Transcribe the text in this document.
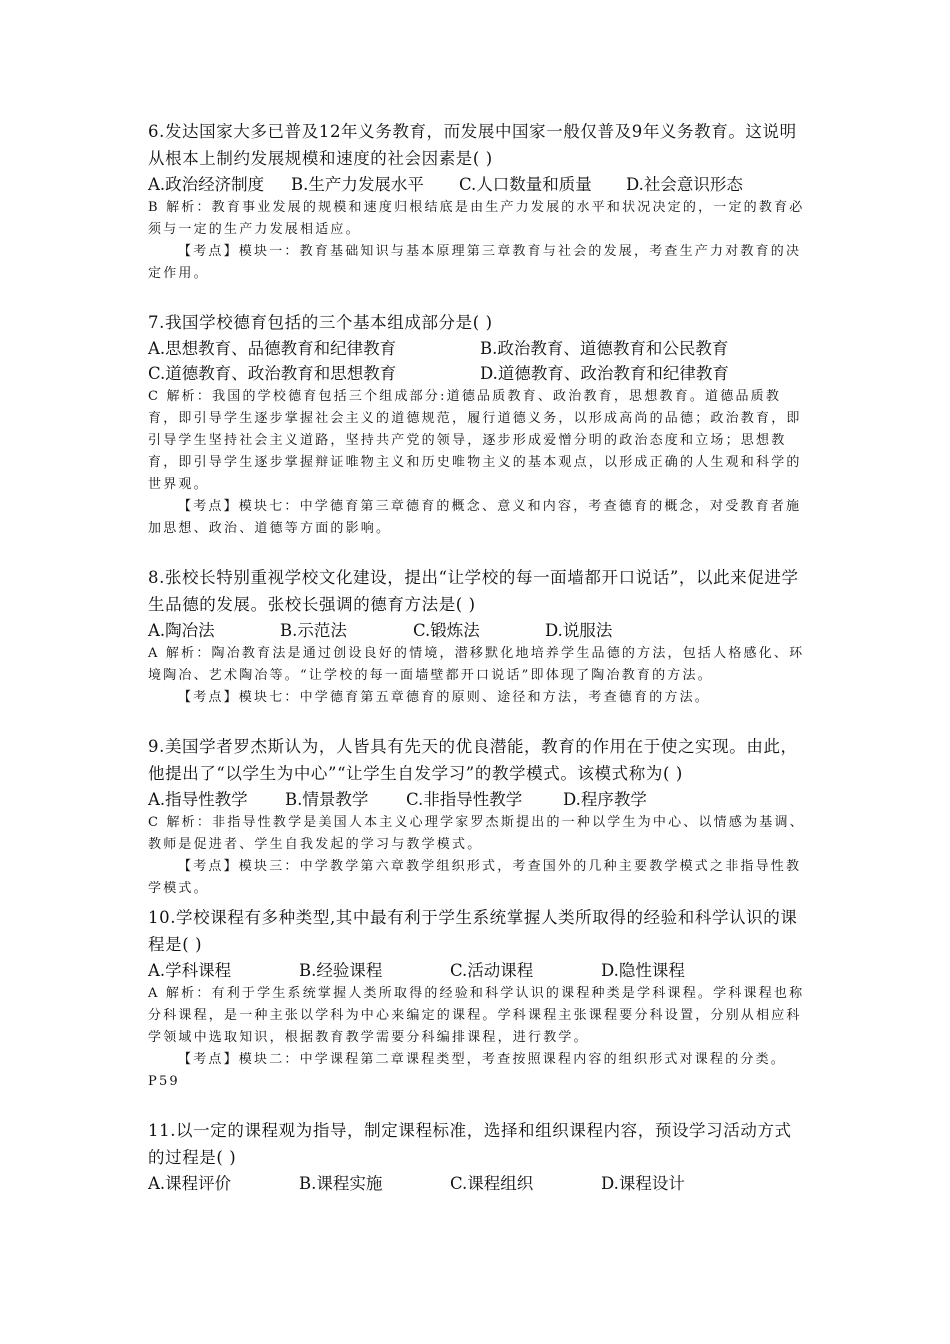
6.发达国家大多已普及12年义务教育，而发展中国家一般仅普及9年义务教育。这说明从根本上制约发展规模和速度的社会因素是( )

A.政治经济制度	B.生产力发展水平	C.人口数量和质量	D.社会意识形态

B 解析：教育事业发展的规模和速度归根结底是由生产力发展的水平和状况决定的，一定的教育必须与一定的生产力发展相适应。

【考点】模块一：教育基础知识与基本原理第三章教育与社会的发展，考查生产力对教育的决定作用。

7.我国学校德育包括的三个基本组成部分是( )

A.思想教育、品德教育和纪律教育	B.政治教育、道德教育和公民教育
C.道德教育、政治教育和思想教育	D.道德教育、政治教育和纪律教育

C 解析：我国的学校德育包括三个组成部分:道德品质教育、政治教育，思想教育。道德品质教育，即引导学生逐步掌握社会主义的道德规范，履行道德义务，以形成高尚的品德；政治教育，即引导学生坚持社会主义道路，坚持共产党的领导，逐步形成爱憎分明的政治态度和立场；思想教育，即引导学生逐步掌握辩证唯物主义和历史唯物主义的基本观点，以形成正确的人生观和科学的世界观。

【考点】模块七：中学德育第三章德育的概念、意义和内容，考查德育的概念，对受教育者施加思想、政治、道德等方面的影响。

8.张校长特别重视学校文化建设，提出“让学校的每一面墙都开口说话”，以此来促进学生品德的发展。张校长强调的德育方法是( )

A.陶冶法	B.示范法	C.锻炼法	D.说服法

A 解析：陶冶教育法是通过创设良好的情境，潜移默化地培养学生品德的方法，包括人格感化、环境陶冶、艺术陶冶等。“让学校的每一面墙壁都开口说话”即体现了陶冶教育的方法。

【考点】模块七：中学德育第五章德育的原则、途径和方法，考查德育的方法。

9.美国学者罗杰斯认为，人皆具有先天的优良潜能，教育的作用在于使之实现。由此，他提出了“以学生为中心”“让学生自发学习”的教学模式。该模式称为( )

A.指导性教学	B.情景教学	C.非指导性教学	D.程序教学

C 解析：非指导性教学是美国人本主义心理学家罗杰斯提出的一种以学生为中心、以情感为基调、教师是促进者、学生自我发起的学习与教学模式。

【考点】模块三：中学教学第六章教学组织形式，考查国外的几种主要教学模式之非指导性教学模式。

10.学校课程有多种类型,其中最有利于学生系统掌握人类所取得的经验和科学认识的课程是( )

A.学科课程	B.经验课程	C.活动课程	D.隐性课程

A 解析：有利于学生系统掌握人类所取得的经验和科学认识的课程种类是学科课程。学科课程也称分科课程，是一种主张以学科为中心来编定的课程。学科课程主张课程要分科设置，分别从相应科学领域中选取知识，根据教育教学需要分科编排课程，进行教学。

【考点】模块二：中学课程第二章课程类型，考查按照课程内容的组织形式对课程的分类。P59

11.以一定的课程观为指导，制定课程标准，选择和组织课程内容，预设学习活动方式的过程是( )

A.课程评价	B.课程实施	C.课程组织	D.课程设计
